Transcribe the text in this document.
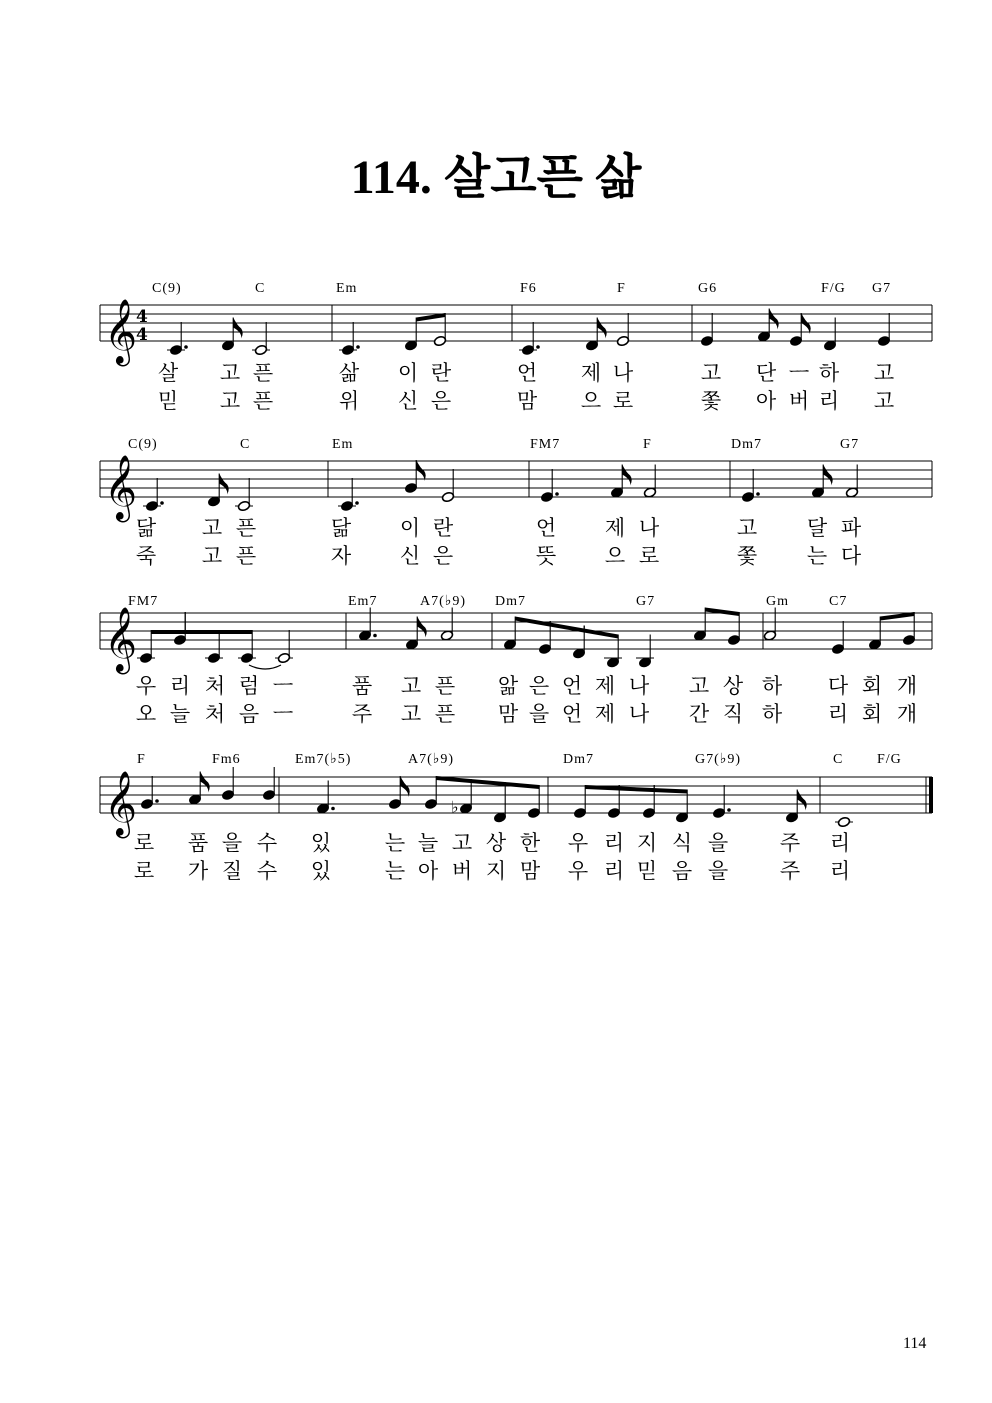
114. 살고픈 삶
𝄞
4
4
C(9)	C	Em	F6	F	G6	F/G G7
살 고 픈	삶 이 란	언 제 나	고 단 ㅡ 하 고
믿 고 픈	위 신 은	맘 으 로	쫓 아 버 리 고
𝄞
C(9)	C	Em	FM7	F	Dm7	G7
닮 고 픈	닮 이 란	언 제 나	고 달 파
죽 고 픈	자 신 은	뜻 으 로	쫓 는 다
𝄞
FM7	Em7	A7(♭9) Dm7	G7	Gm	C7
우 리 처 럼 ㅡ	품 고 픈 앎 은 언 제 나 고 상 하 다 회 개
오 늘 처 음 ㅡ	주 고 픈 맘 을 언 제 나 간 직 하 리 회 개
𝄞
F	Fm6	Em7(♭5)	A7(♭9)	Dm7	G7(♭9)	C F/G
♭
로 품 을 수 있	는 늘 고 상 한 우 리 지 식 을 주 리
로 가 질 수 있	는 아 버 지 맘 우 리 믿 음 을 주 리
114
